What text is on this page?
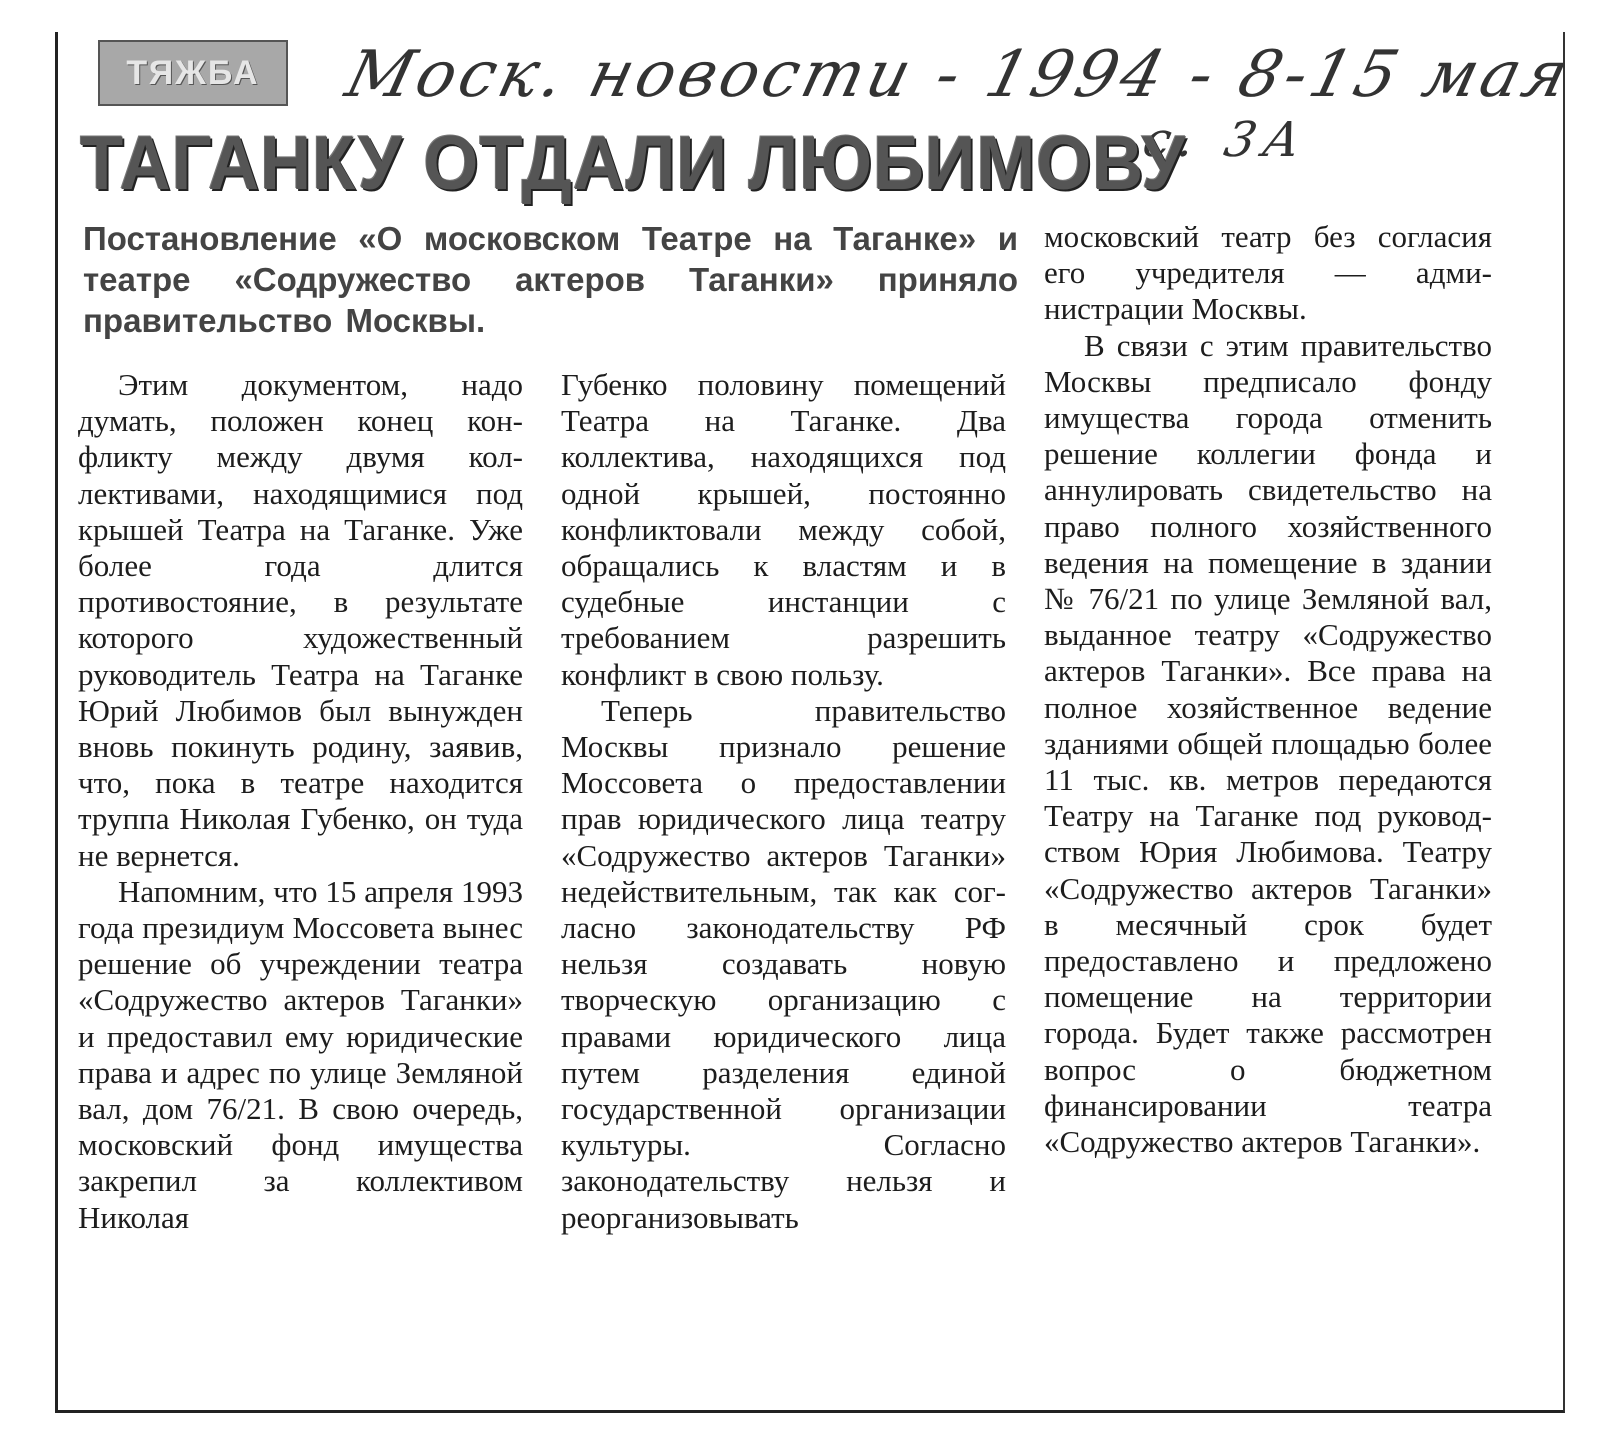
ТЯЖБА Моск. новости - 1994 - 8-15 мая
с. 3А
ТАГАНКУ ОТДАЛИ ЛЮБИМОВУ
Постановление «О московском Театре на Таганке» и театре «Содружество актеров Таганки» приняло правительство Москвы.

Этим документом, надо думать, положен конец конфликту между двумя коллективами, находящимися под крышей Театра на Таганке. Уже более года длится противостояние, в результате которого художественный руководитель Театра на Таганке Юрий Любимов был вынужден вновь покинуть родину, заявив, что, пока в театре находится труппа Николая Губенко, он туда не вернется.

Напомним, что 15 апреля 1993 года президиум Моссовета вынес решение об учреждении театра «Содружество актеров Таганки» и предоставил ему юридические права и адрес по улице Земляной вал, дом 76/21. В свою очередь, московский фонд имущества закрепил за коллективом Николая

Губенко половину помещений Театра на Таганке. Два коллектива, находящихся под одной крышей, постоянно конфликтовали между собой, обращались к властям и в судебные инстанции с требованием разрешить конфликт в свою пользу.

Теперь правительство Москвы признало решение Моссовета о предоставлении прав юридического лица театру «Содружество актеров Таганки» недействительным, так как согласно законодательству РФ нельзя создавать новую творческую организацию с правами юридического лица путем разделения единой государственной организации культуры. Согласно законодательству нельзя и реорганизовывать

московский театр без согласия его учредителя — администрации Москвы.

В связи с этим правительство Москвы предписало фонду имущества города отменить решение коллегии фонда и аннулировать свидетельство на право полного хозяйственного ведения на помещение в здании № 76/21 по улице Земляной вал, выданное театру «Содружество актеров Таганки». Все права на полное хозяйственное ведение зданиями общей площадью более 11 тыс. кв. метров передаются Театру на Таганке под руководством Юрия Любимова. Театру «Содружество актеров Таганки» в месячный срок будет предоставлено и предложено помещение на территории города. Будет также рассмотрен вопрос о бюджетном финансировании театра «Содружество актеров Таганки».
